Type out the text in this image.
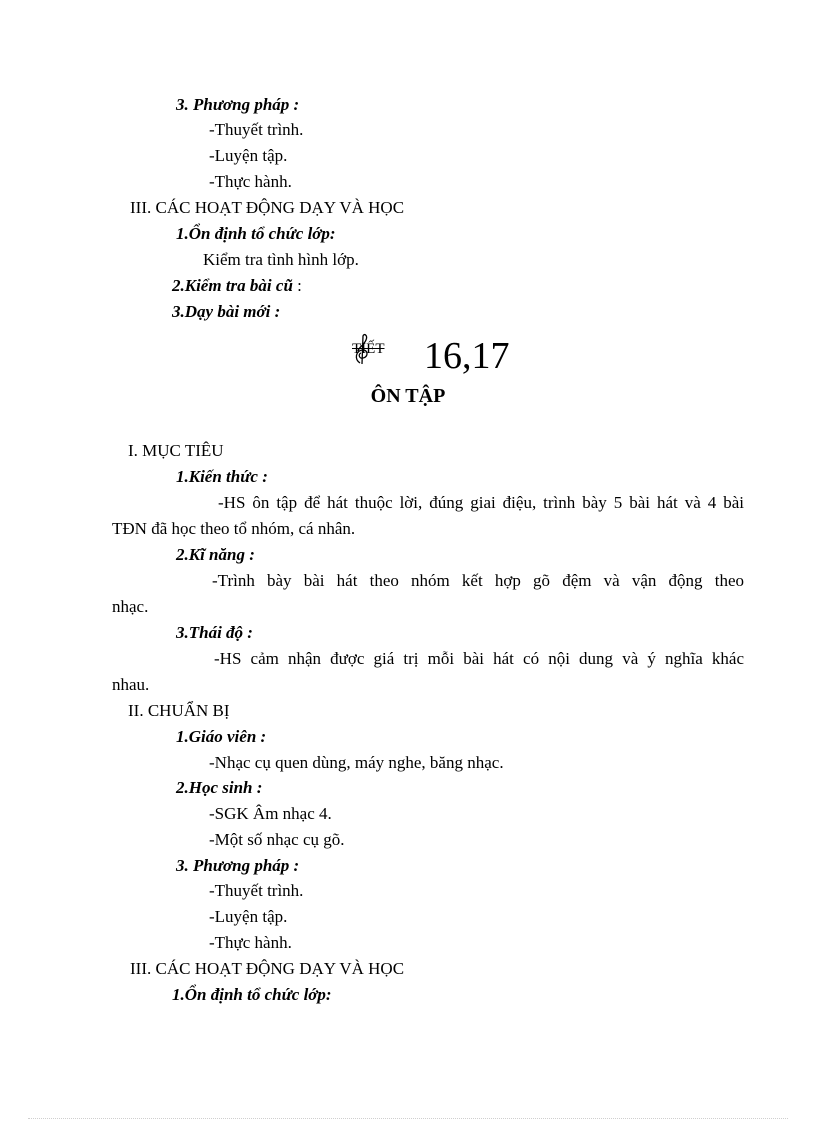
3. Phương pháp :
-Thuyết trình.
-Luyện tập.
-Thực hành.
III. CÁC HOẠT ĐỘNG DẠY VÀ HỌC
1.Ổn định tổ chức lớp:
Kiểm tra tình hình lớp.
2.Kiểm tra bài cũ :
3.Dạy bài mới :
TIẾT 16,17
ÔN TẬP
I. MỤC TIÊU
1.Kiến thức :
-HS ôn tập để hát thuộc lời, đúng giai điệu, trình bày 5 bài hát và 4 bài
TĐN đã học theo tổ nhóm, cá nhân.
2.Kĩ năng :
-Trình bày bài hát theo nhóm kết hợp gõ đệm và vận động theo
nhạc.
3.Thái độ :
-HS cảm nhận được giá trị mỗi bài hát có nội dung và ý nghĩa khác
nhau.
II. CHUẨN BỊ
1.Giáo viên :
-Nhạc cụ quen dùng, máy nghe, băng nhạc.
2.Học sinh :
-SGK Âm nhạc 4.
-Một số nhạc cụ gõ.
3. Phương pháp :
-Thuyết trình.
-Luyện tập.
-Thực hành.
III. CÁC HOẠT ĐỘNG DẠY VÀ HỌC
1.Ổn định tổ chức lớp:
